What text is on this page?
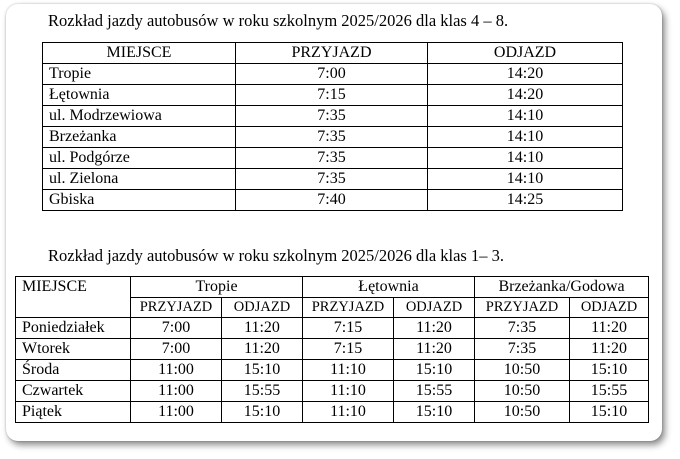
Rozkład jazdy autobusów w roku szkolnym 2025/2026 dla klas 4 – 8.
MIEJSCE	PRZYJAZD	ODJAZD
Tropie	7:00	14:20
Łętownia	7:15	14:20
ul. Modrzewiowa	7:35	14:10
Brzeżanka	7:35	14:10
ul. Podgórze	7:35	14:10
ul. Zielona	7:35	14:10
Gbiska	7:40	14:25
Rozkład jazdy autobusów w roku szkolnym 2025/2026 dla klas 1– 3.
MIEJSCE	Tropie		Łętownia		Brzeżanka/Godowa	
	PRZYJAZD	ODJAZD	PRZYJAZD	ODJAZD	PRZYJAZD	ODJAZD
Poniedziałek	7:00	11:20	7:15	11:20	7:35	11:20
Wtorek	7:00	11:20	7:15	11:20	7:35	11:20
Środa	11:00	15:10	11:10	15:10	10:50	15:10
Czwartek	11:00	15:55	11:10	15:55	10:50	15:55
Piątek	11:00	15:10	11:10	15:10	10:50	15:10
